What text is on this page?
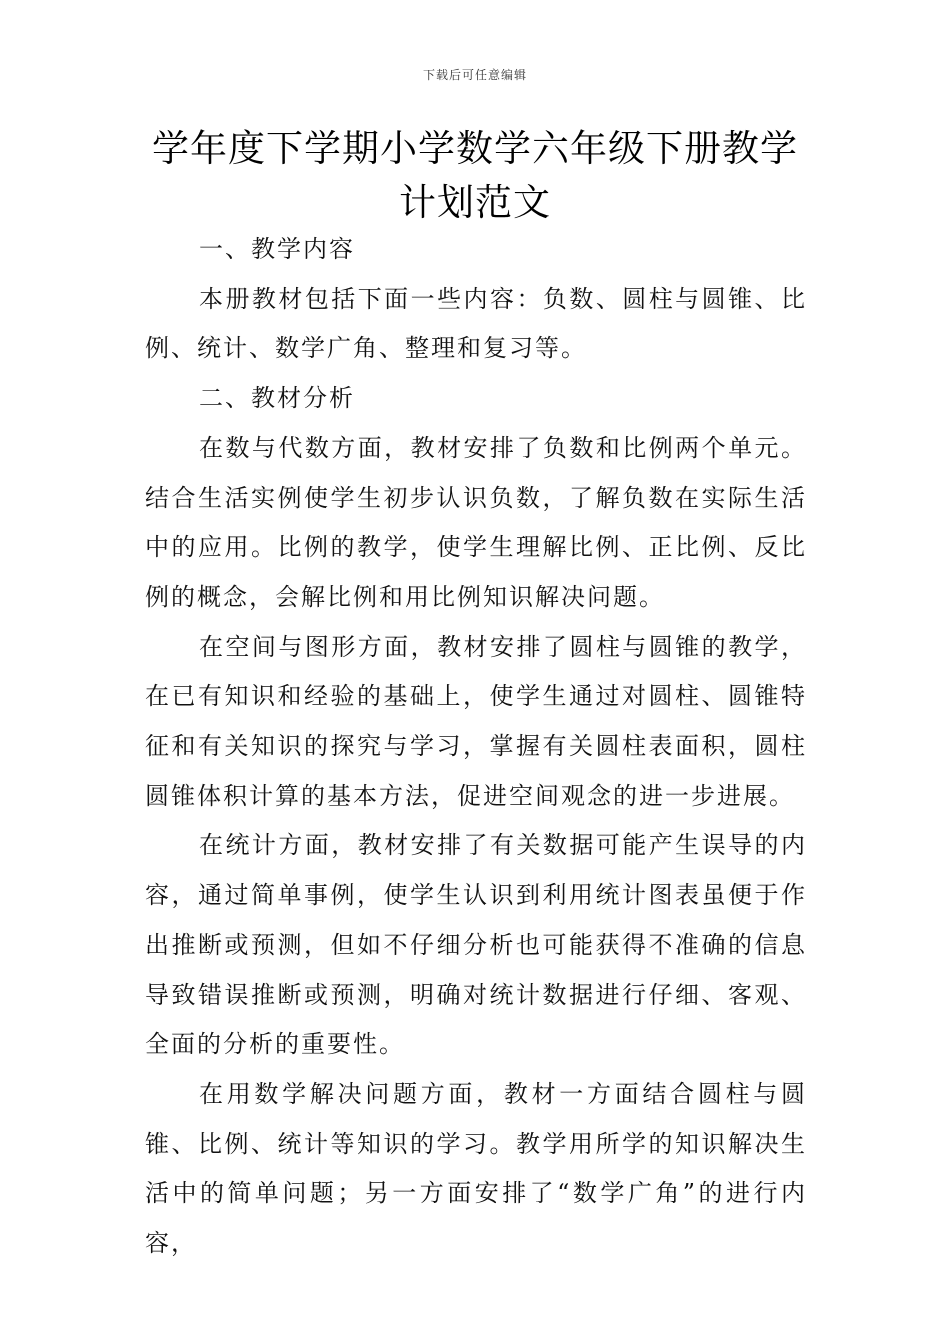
下载后可任意编辑
学年度下学期小学数学六年级下册教学计划范文

一、教学内容

本册教材包括下面一些内容：负数、圆柱与圆锥、比例、统计、数学广角、整理和复习等。

二、教材分析

在数与代数方面，教材安排了负数和比例两个单元。结合生活实例使学生初步认识负数，了解负数在实际生活中的应用。比例的教学，使学生理解比例、正比例、反比例的概念，会解比例和用比例知识解决问题。

在空间与图形方面，教材安排了圆柱与圆锥的教学，在已有知识和经验的基础上，使学生通过对圆柱、圆锥特征和有关知识的探究与学习，掌握有关圆柱表面积，圆柱圆锥体积计算的基本方法，促进空间观念的进一步进展。

在统计方面，教材安排了有关数据可能产生误导的内容，通过简单事例，使学生认识到利用统计图表虽便于作出推断或预测，但如不仔细分析也可能获得不准确的信息导致错误推断或预测，明确对统计数据进行仔细、客观、全面的分析的重要性。

在用数学解决问题方面，教材一方面结合圆柱与圆锥、比例、统计等知识的学习。教学用所学的知识解决生活中的简单问题；另一方面安排了“数学广角”的进行内容，
